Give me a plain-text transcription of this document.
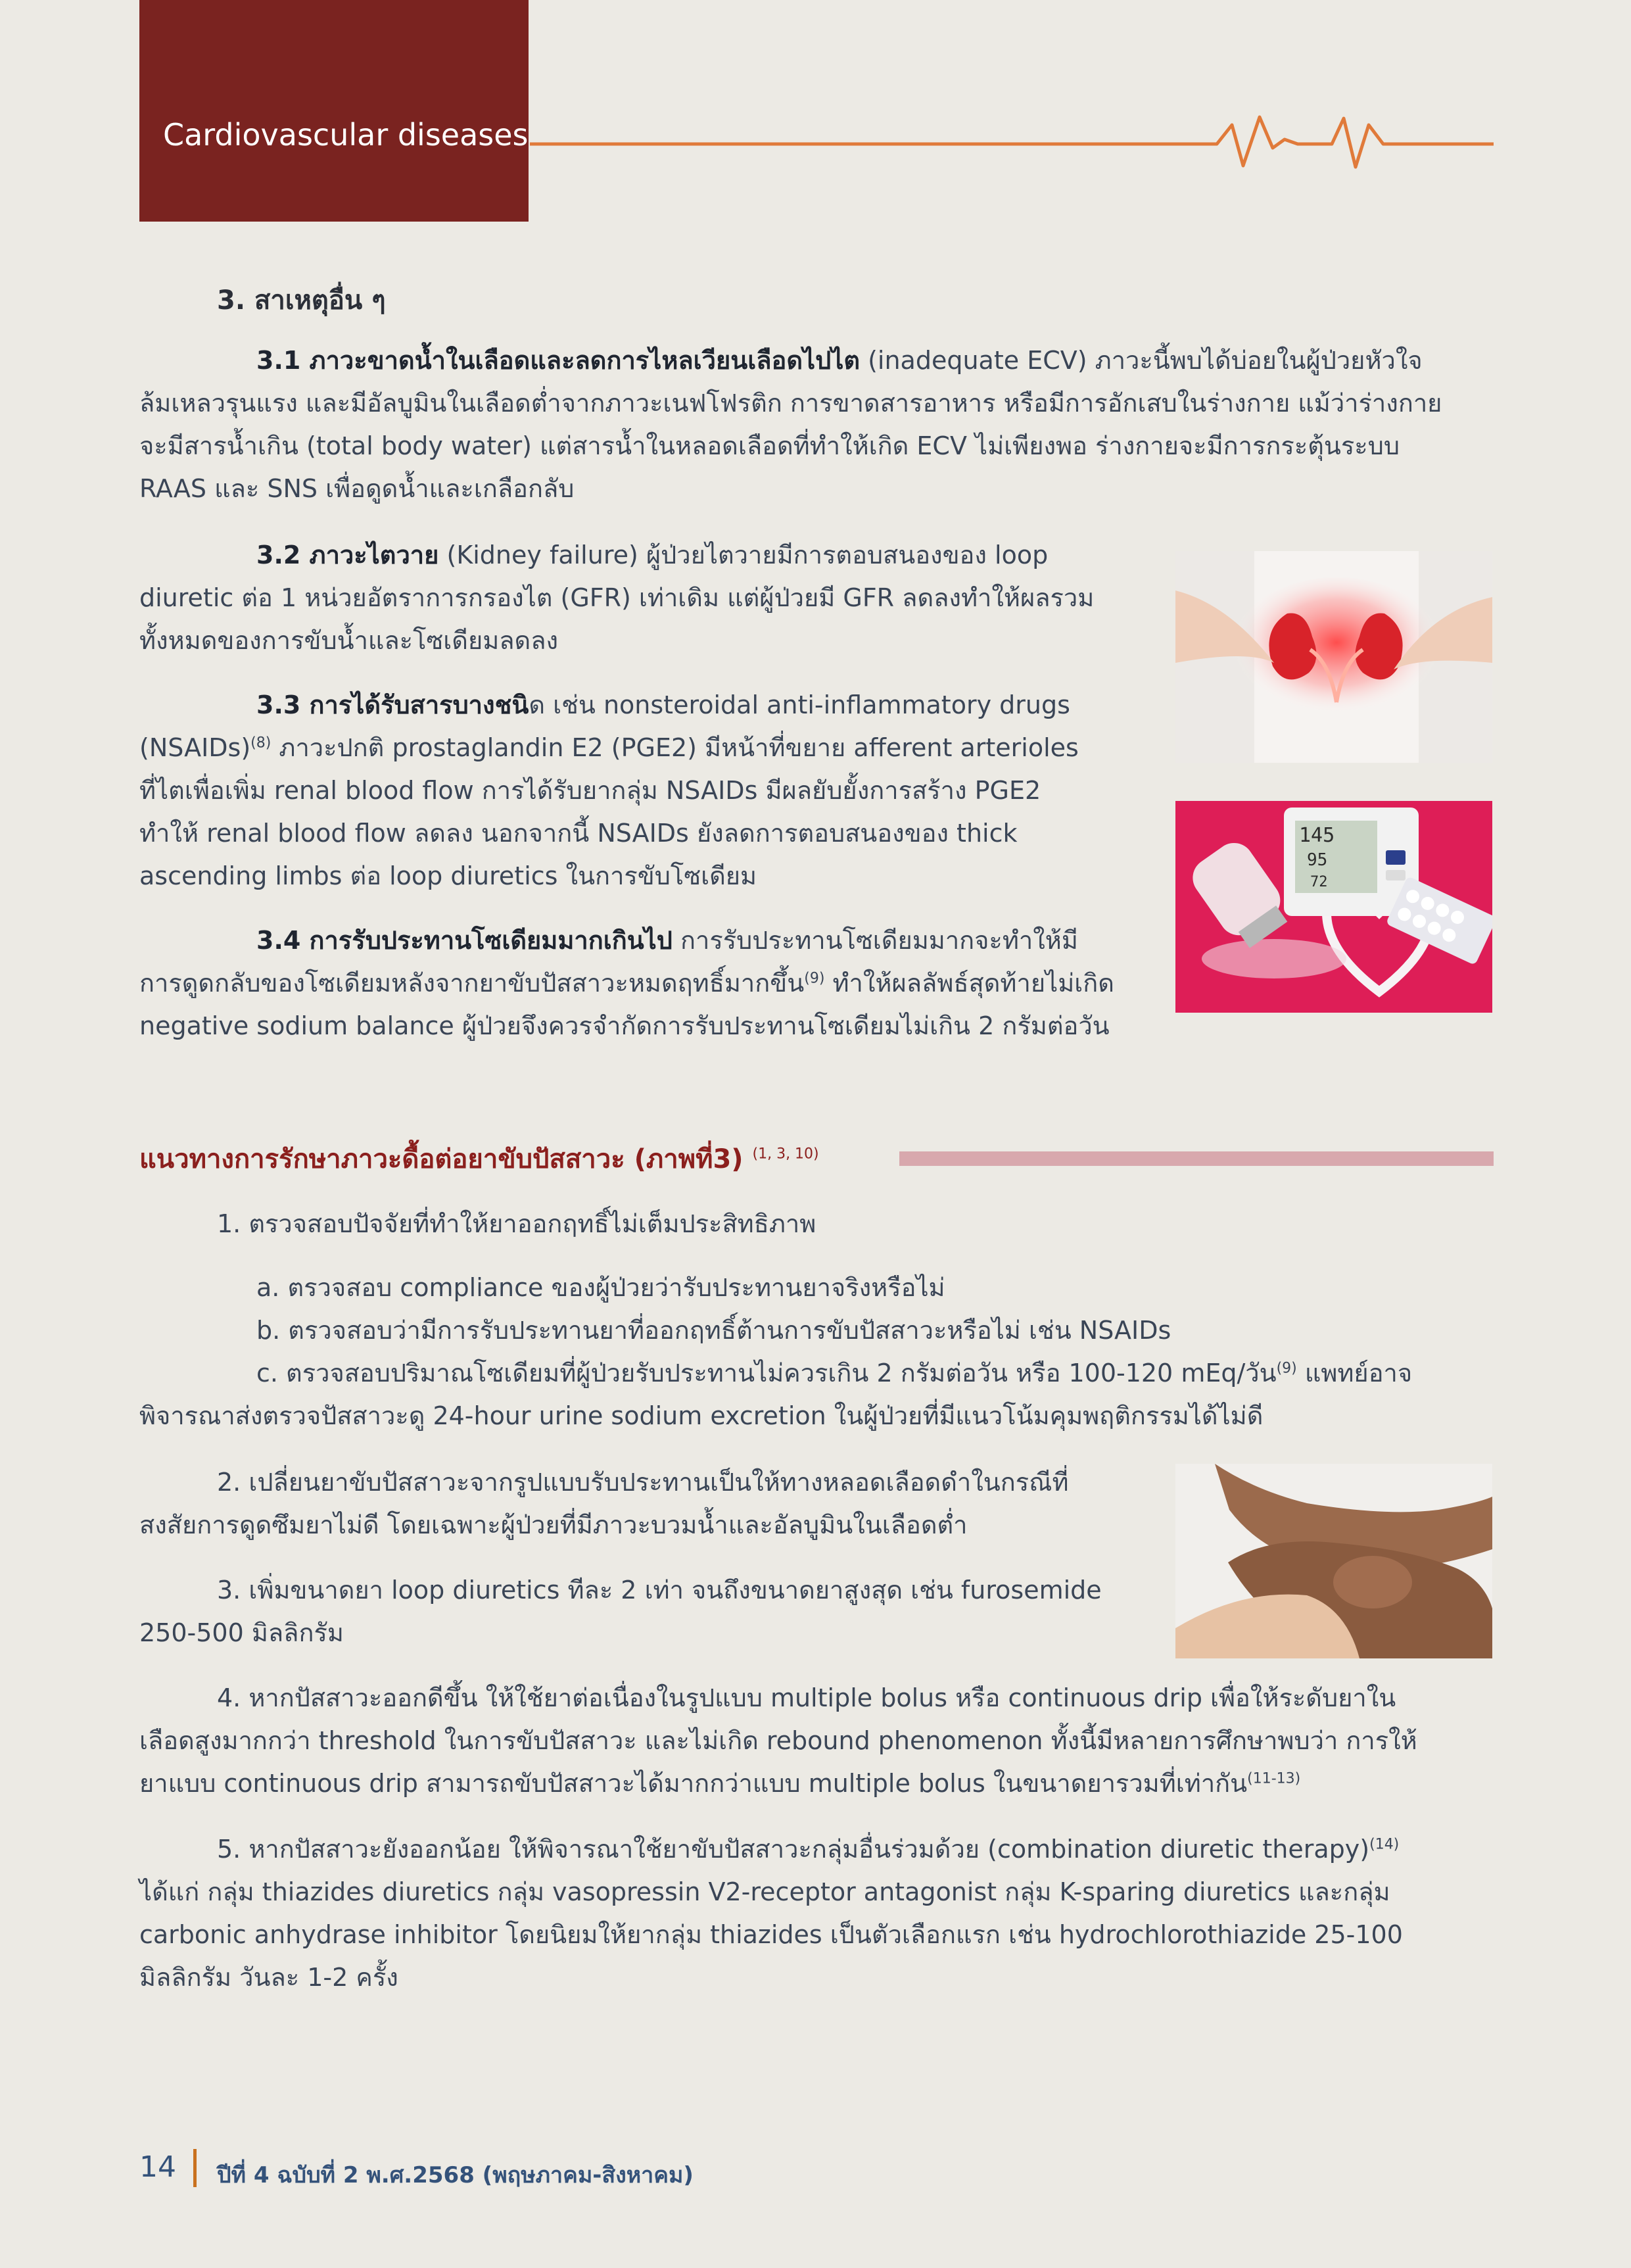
Cardiovascular diseases
3. สาเหตุอื่น ๆ
3.1 ภาวะขาดน้ำในเลือดและลดการไหลเวียนเลือดไปไต (inadequate ECV) ภาวะนี้พบได้บ่อยในผู้ป่วยหัวใจ
ล้มเหลวรุนแรง และมีอัลบูมินในเลือดต่ำจากภาวะเนฟโฟรติก การขาดสารอาหาร หรือมีการอักเสบในร่างกาย แม้ว่าร่างกาย
จะมีสารน้ำเกิน (total body water) แต่สารน้ำในหลอดเลือดที่ทำให้เกิด ECV ไม่เพียงพอ ร่างกายจะมีการกระตุ้นระบบ
RAAS และ SNS เพื่อดูดน้ำและเกลือกลับ
3.2 ภาวะไตวาย (Kidney failure) ผู้ป่วยไตวายมีการตอบสนองของ loop
diuretic ต่อ 1 หน่วยอัตราการกรองไต (GFR) เท่าเดิม แต่ผู้ป่วยมี GFR ลดลงทำให้ผลรวม
ทั้งหมดของการขับน้ำและโซเดียมลดลง
3.3 การได้รับสารบางชนิด เช่น nonsteroidal anti-inflammatory drugs
(NSAIDs)$^{(8)}$ ภาวะปกติ prostaglandin E2 (PGE2) มีหน้าที่ขยาย afferent arterioles
ที่ไตเพื่อเพิ่ม renal blood flow การได้รับยากลุ่ม NSAIDs มีผลยับยั้งการสร้าง PGE2
ทำให้ renal blood flow ลดลง นอกจากนี้ NSAIDs ยังลดการตอบสนองของ thick
ascending limbs ต่อ loop diuretics ในการขับโซเดียม
3.4 การรับประทานโซเดียมมากเกินไป การรับประทานโซเดียมมากจะทำให้มี
การดูดกลับของโซเดียมหลังจากยาขับปัสสาวะหมดฤทธิ์มากขึ้น$^{(9)}$ ทำให้ผลลัพธ์สุดท้ายไม่เกิด
negative sodium balance ผู้ป่วยจึงควรจำกัดการรับประทานโซเดียมไม่เกิน 2 กรัมต่อวัน
145
95
72
แนวทางการรักษาภาวะดื้อต่อยาขับปัสสาวะ (ภาพที่3) $^{(1, 3, 10)}$
1. ตรวจสอบปัจจัยที่ทำให้ยาออกฤทธิ์ไม่เต็มประสิทธิภาพ
a. ตรวจสอบ compliance ของผู้ป่วยว่ารับประทานยาจริงหรือไม่
b. ตรวจสอบว่ามีการรับประทานยาที่ออกฤทธิ์ต้านการขับปัสสาวะหรือไม่ เช่น NSAIDs
c. ตรวจสอบปริมาณโซเดียมที่ผู้ป่วยรับประทานไม่ควรเกิน 2 กรัมต่อวัน หรือ 100-120 mEq/วัน$^{(9)}$ แพทย์อาจ
พิจารณาส่งตรวจปัสสาวะดู 24-hour urine sodium excretion ในผู้ป่วยที่มีแนวโน้มคุมพฤติกรรมได้ไม่ดี
2. เปลี่ยนยาขับปัสสาวะจากรูปแบบรับประทานเป็นให้ทางหลอดเลือดดำในกรณีที่
สงสัยการดูดซึมยาไม่ดี โดยเฉพาะผู้ป่วยที่มีภาวะบวมน้ำและอัลบูมินในเลือดต่ำ
3. เพิ่มขนาดยา loop diuretics ทีละ 2 เท่า จนถึงขนาดยาสูงสุด เช่น furosemide
250-500 มิลลิกรัม
4. หากปัสสาวะออกดีขึ้น ให้ใช้ยาต่อเนื่องในรูปแบบ multiple bolus หรือ continuous drip เพื่อให้ระดับยาใน
เลือดสูงมากกว่า threshold ในการขับปัสสาวะ และไม่เกิด rebound phenomenon ทั้งนี้มีหลายการศึกษาพบว่า การให้
ยาแบบ continuous drip สามารถขับปัสสาวะได้มากกว่าแบบ multiple bolus ในขนาดยารวมที่เท่ากัน$^{(11-13)}$
5. หากปัสสาวะยังออกน้อย ให้พิจารณาใช้ยาขับปัสสาวะกลุ่มอื่นร่วมด้วย (combination diuretic therapy)$^{(14)}$
ได้แก่ กลุ่ม thiazides diuretics กลุ่ม vasopressin V2-receptor antagonist กลุ่ม K-sparing diuretics และกลุ่ม
carbonic anhydrase inhibitor โดยนิยมให้ยากลุ่ม thiazides เป็นตัวเลือกแรก เช่น hydrochlorothiazide 25-100
มิลลิกรัม วันละ 1-2 ครั้ง
14 ปีที่ 4 ฉบับที่ 2 พ.ศ.2568 (พฤษภาคม-สิงหาคม)
